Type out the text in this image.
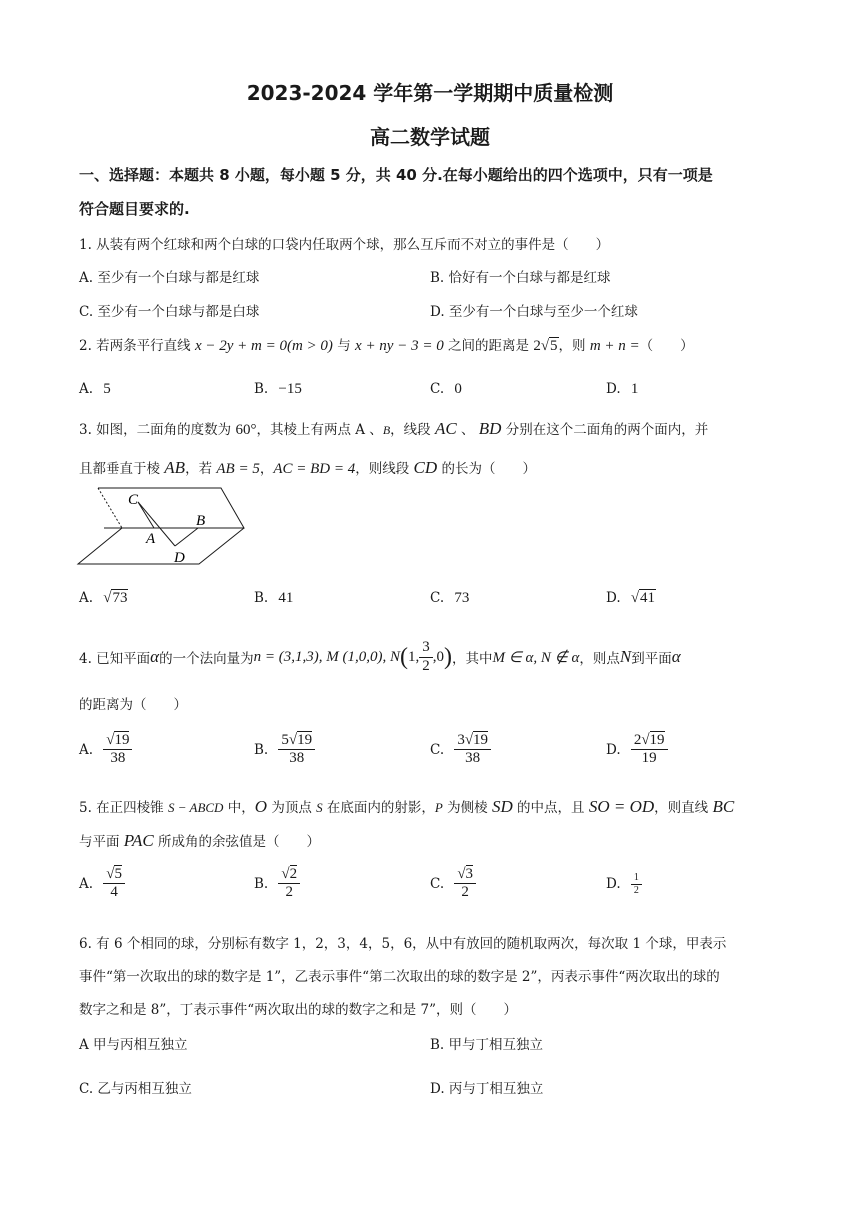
2023-2024 学年第一学期期中质量检测
高二数学试题
一、选择题：本题共 8 小题，每小题 5 分，共 40 分.在每小题给出的四个选项中，只有一项是
符合题目要求的.
1. 从装有两个红球和两个白球的口袋内任取两个球，那么互斥而不对立的事件是（　　）
A. 至少有一个白球与都是红球	B. 恰好有一个白球与都是红球
C. 至少有一个白球与都是白球	D. 至少有一个白球与至少一个红球
2. 若两条平行直线 x − 2y + m = 0(m > 0) 与 x + ny − 3 = 0 之间的距离是 2√5，则 m + n =（　　）
A. 5	B. −15	C. 0	D. 1
3. 如图，二面角的度数为 60°，其棱上有两点 A 、B，线段 AC 、 BD 分别在这个二面角的两个面内，并
且都垂直于棱 AB，若 AB = 5，AC = BD = 4，则线段 CD 的长为（　　）
C
B
A
D
A. √73	B. 41	C. 73	D. √41
4. 已知平面 α 的一个法向量为 n = (3,1,3), M (1,0,0), N ( 1, $\frac{3}{2} ,0$ ) ，其中 M ∈ α, N ∉ α ，则点 N 到平面 α
的距离为（　　）
A.
$\frac{√19}{38}$	B.
$\frac{5√19}{38}$	C.
$\frac{3√19}{38}$	D.
$\frac{2√19}{19}$
5. 在正四棱锥 S − ABCD 中，O 为顶点 S 在底面内的射影，P 为侧棱 SD 的中点，且 SO = OD，则直线 BC
与平面 PAC 所成角的余弦值是（　　）
A.
$\frac{√5}{4}$	B.
$\frac{√2}{2}$	C.
$\frac{√3}{2}$	D.
$\frac{1}{2}$
6. 有 6 个相同的球，分别标有数字 1，2，3，4，5，6，从中有放回的随机取两次，每次取 1 个球，甲表示
事件“第一次取出的球的数字是 1”，乙表示事件“第二次取出的球的数字是 2”，丙表示事件“两次取出的球的
数字之和是 8”，丁表示事件“两次取出的球的数字之和是 7”，则（　　）
A 甲与丙相互独立	B. 甲与丁相互独立
C. 乙与丙相互独立	D. 丙与丁相互独立
